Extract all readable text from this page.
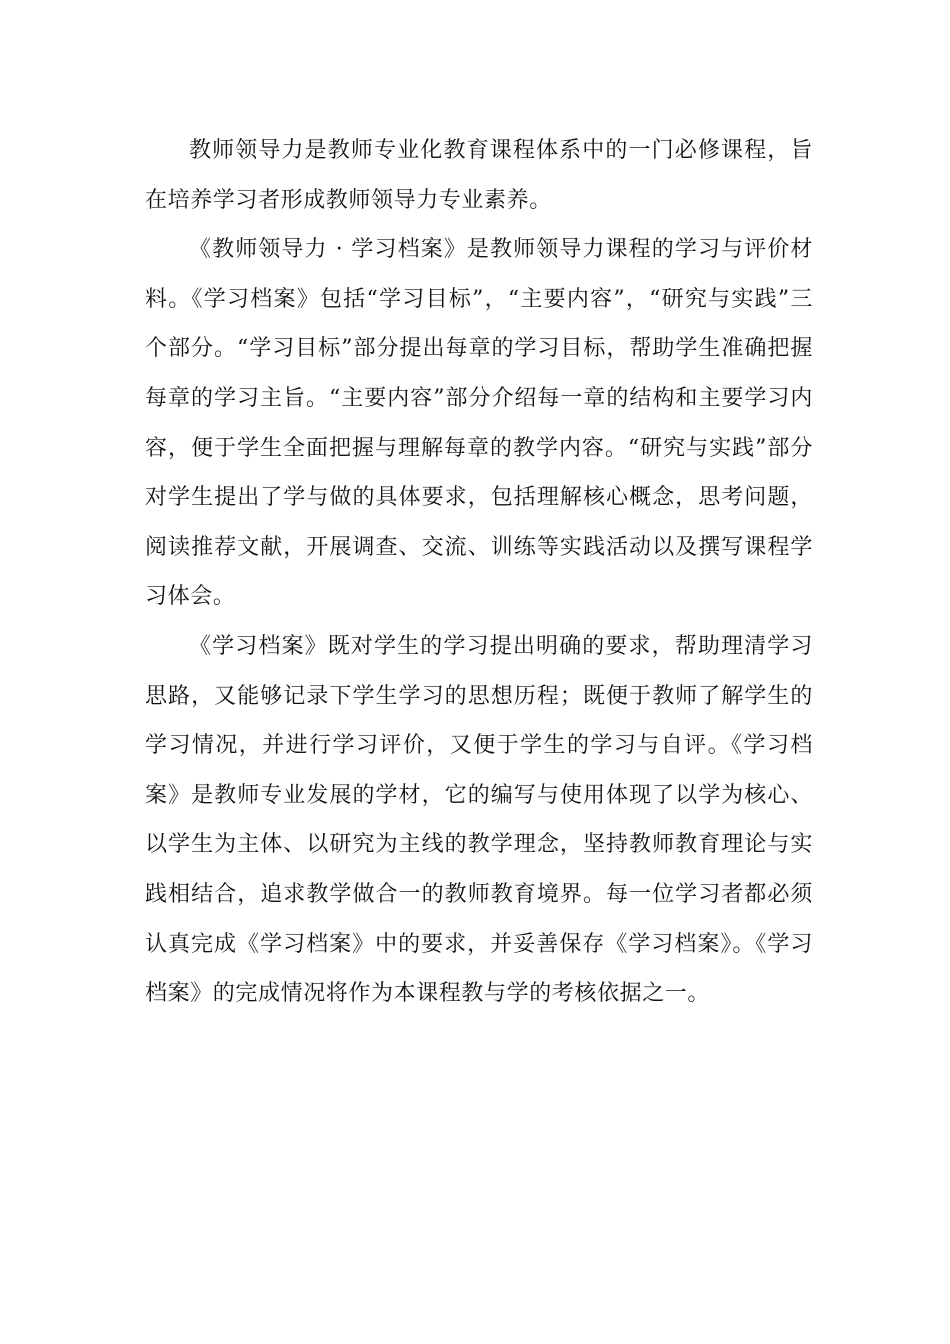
教师领导力是教师专业化教育课程体系中的一门必修课程，旨在培养学习者形成教师领导力专业素养。

《教师领导力 · 学习档案》是教师领导力课程的学习与评价材料。《学习档案》包括“学习目标”，“主要内容”，“研究与实践”三个部分。“学习目标”部分提出每章的学习目标，帮助学生准确把握每章的学习主旨。“主要内容”部分介绍每一章的结构和主要学习内容，便于学生全面把握与理解每章的教学内容。“研究与实践”部分对学生提出了学与做的具体要求，包括理解核心概念，思考问题，阅读推荐文献，开展调查、交流、训练等实践活动以及撰写课程学习体会。

《学习档案》既对学生的学习提出明确的要求，帮助理清学习思路，又能够记录下学生学习的思想历程；既便于教师了解学生的学习情况，并进行学习评价，又便于学生的学习与自评。《学习档案》是教师专业发展的学材，它的编写与使用体现了以学为核心、以学生为主体、以研究为主线的教学理念，坚持教师教育理论与实践相结合，追求教学做合一的教师教育境界。每一位学习者都必须认真完成《学习档案》中的要求，并妥善保存《学习档案》。《学习档案》的完成情况将作为本课程教与学的考核依据之一。
